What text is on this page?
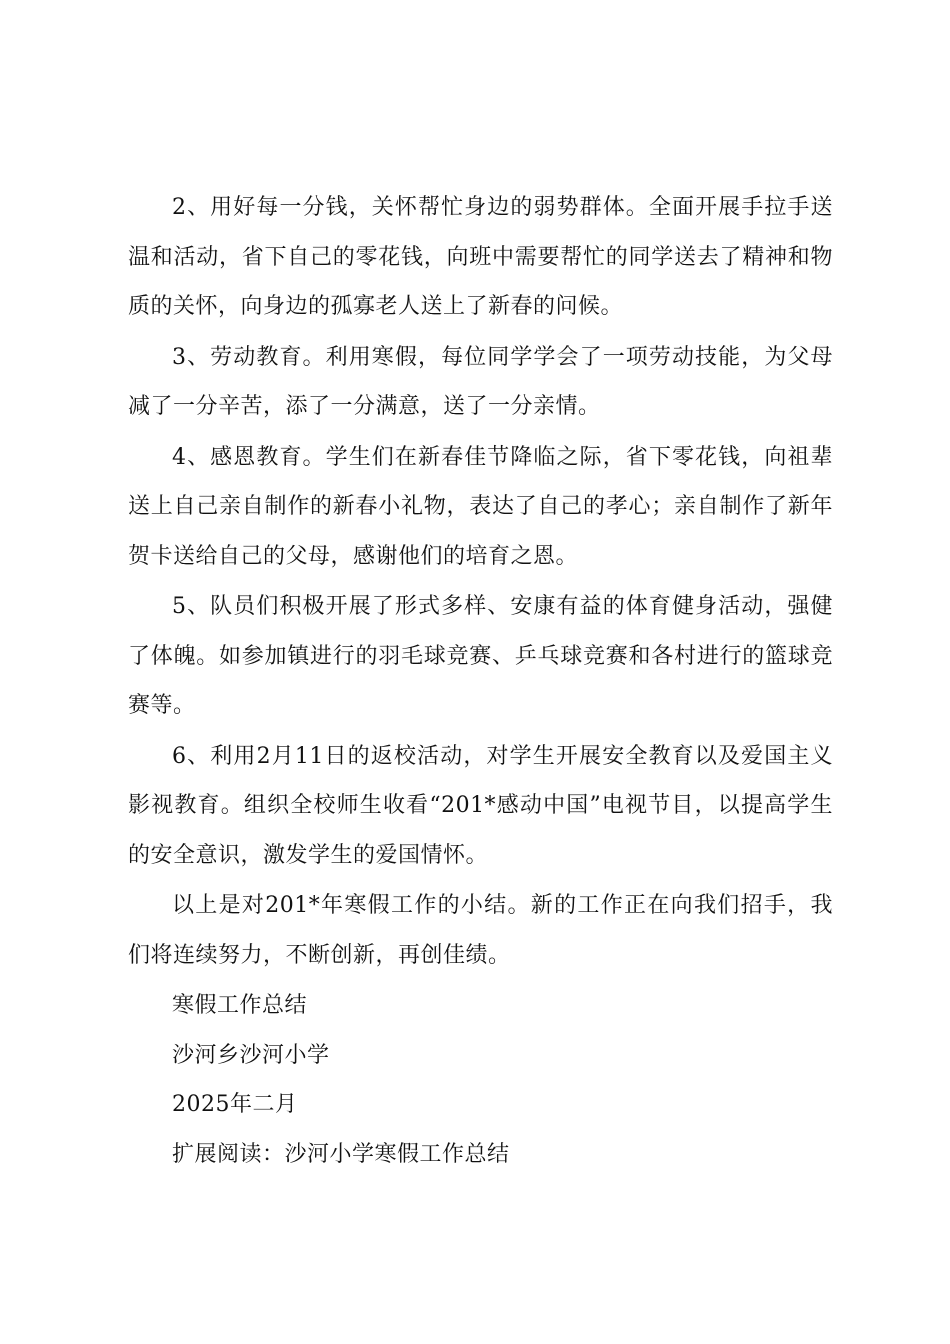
2、用好每一分钱，关怀帮忙身边的弱势群体。全面开展手拉手送温和活动，省下自己的零花钱，向班中需要帮忙的同学送去了精神和物质的关怀，向身边的孤寡老人送上了新春的问候。

3、劳动教育。利用寒假，每位同学学会了一项劳动技能，为父母减了一分辛苦，添了一分满意，送了一分亲情。

4、感恩教育。学生们在新春佳节降临之际，省下零花钱，向祖辈送上自己亲自制作的新春小礼物，表达了自己的孝心；亲自制作了新年贺卡送给自己的父母，感谢他们的培育之恩。

5、队员们积极开展了形式多样、安康有益的体育健身活动，强健了体魄。如参加镇进行的羽毛球竞赛、乒乓球竞赛和各村进行的篮球竞赛等。

6、利用2月11日的返校活动，对学生开展安全教育以及爱国主义影视教育。组织全校师生收看“201*感动中国”电视节目，以提高学生的安全意识，激发学生的爱国情怀。

以上是对201*年寒假工作的小结。新的工作正在向我们招手，我们将连续努力，不断创新，再创佳绩。

寒假工作总结

沙河乡沙河小学

2025年二月

扩展阅读：沙河小学寒假工作总结
